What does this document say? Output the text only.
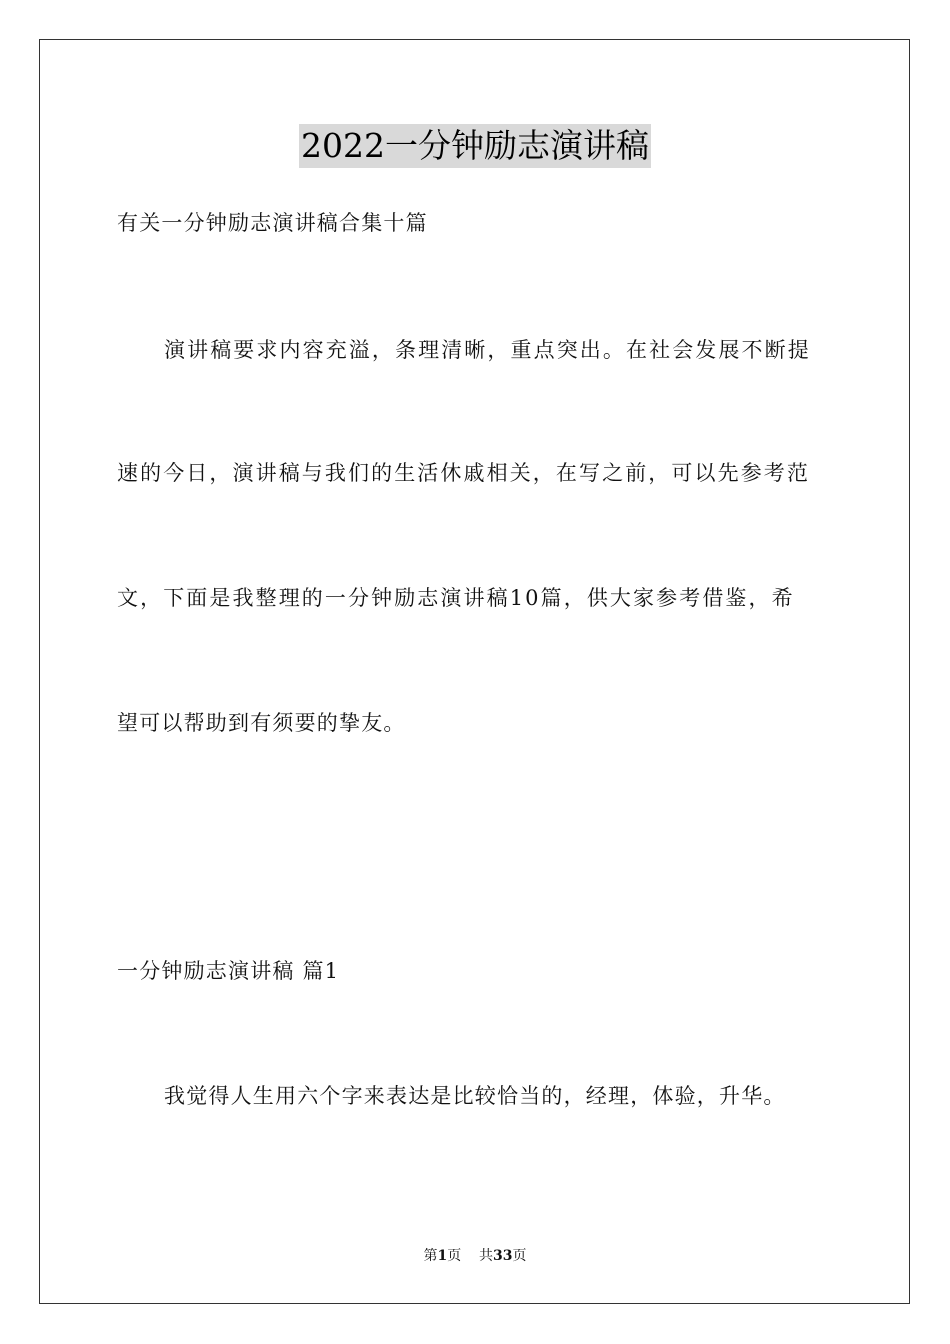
2022一分钟励志演讲稿
有关一分钟励志演讲稿合集十篇
演讲稿要求内容充溢，条理清晰，重点突出。在社会发展不断提
速的今日，演讲稿与我们的生活休戚相关，在写之前，可以先参考范
文，下面是我整理的一分钟励志演讲稿10篇，供大家参考借鉴，希
望可以帮助到有须要的挚友。
一分钟励志演讲稿 篇1
我觉得人生用六个字来表达是比较恰当的，经理，体验，升华。
第1页    共33页
